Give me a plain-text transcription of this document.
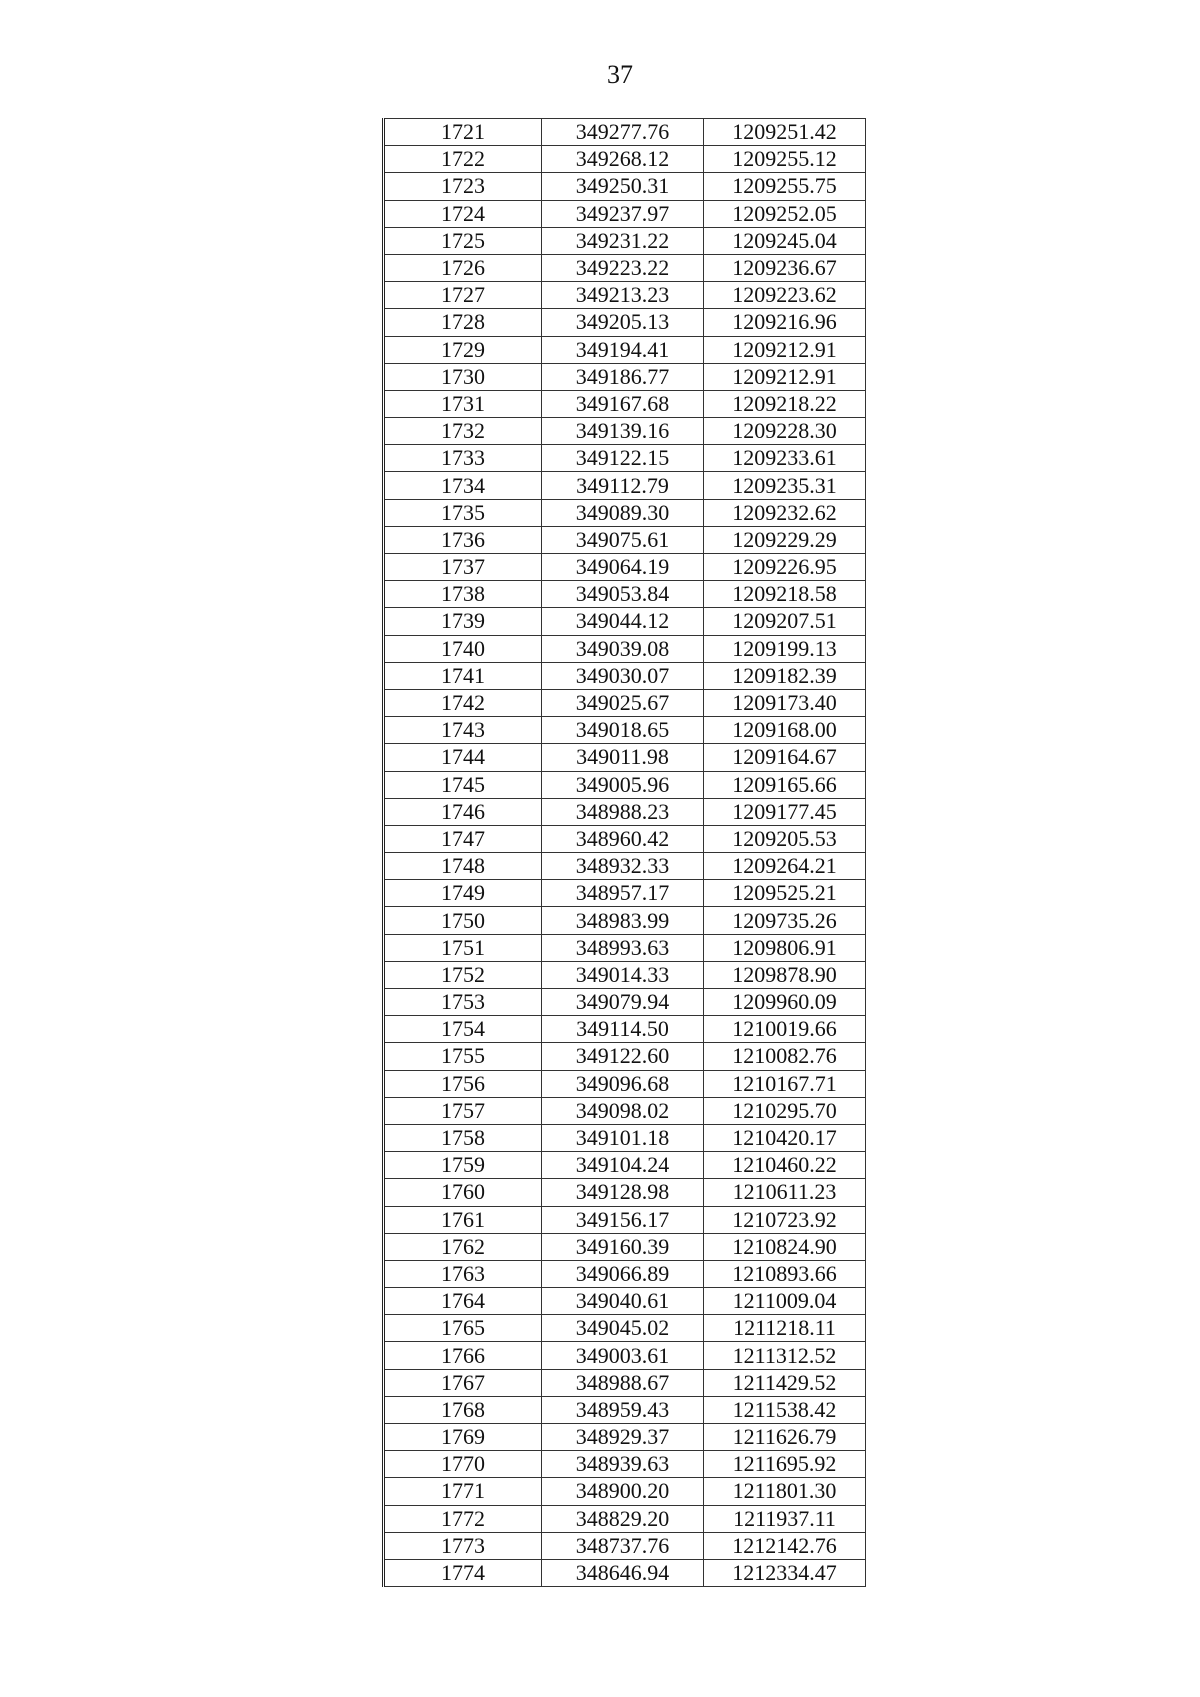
37
1721	349277.76	1209251.42
1722	349268.12	1209255.12
1723	349250.31	1209255.75
1724	349237.97	1209252.05
1725	349231.22	1209245.04
1726	349223.22	1209236.67
1727	349213.23	1209223.62
1728	349205.13	1209216.96
1729	349194.41	1209212.91
1730	349186.77	1209212.91
1731	349167.68	1209218.22
1732	349139.16	1209228.30
1733	349122.15	1209233.61
1734	349112.79	1209235.31
1735	349089.30	1209232.62
1736	349075.61	1209229.29
1737	349064.19	1209226.95
1738	349053.84	1209218.58
1739	349044.12	1209207.51
1740	349039.08	1209199.13
1741	349030.07	1209182.39
1742	349025.67	1209173.40
1743	349018.65	1209168.00
1744	349011.98	1209164.67
1745	349005.96	1209165.66
1746	348988.23	1209177.45
1747	348960.42	1209205.53
1748	348932.33	1209264.21
1749	348957.17	1209525.21
1750	348983.99	1209735.26
1751	348993.63	1209806.91
1752	349014.33	1209878.90
1753	349079.94	1209960.09
1754	349114.50	1210019.66
1755	349122.60	1210082.76
1756	349096.68	1210167.71
1757	349098.02	1210295.70
1758	349101.18	1210420.17
1759	349104.24	1210460.22
1760	349128.98	1210611.23
1761	349156.17	1210723.92
1762	349160.39	1210824.90
1763	349066.89	1210893.66
1764	349040.61	1211009.04
1765	349045.02	1211218.11
1766	349003.61	1211312.52
1767	348988.67	1211429.52
1768	348959.43	1211538.42
1769	348929.37	1211626.79
1770	348939.63	1211695.92
1771	348900.20	1211801.30
1772	348829.20	1211937.11
1773	348737.76	1212142.76
1774	348646.94	1212334.47
